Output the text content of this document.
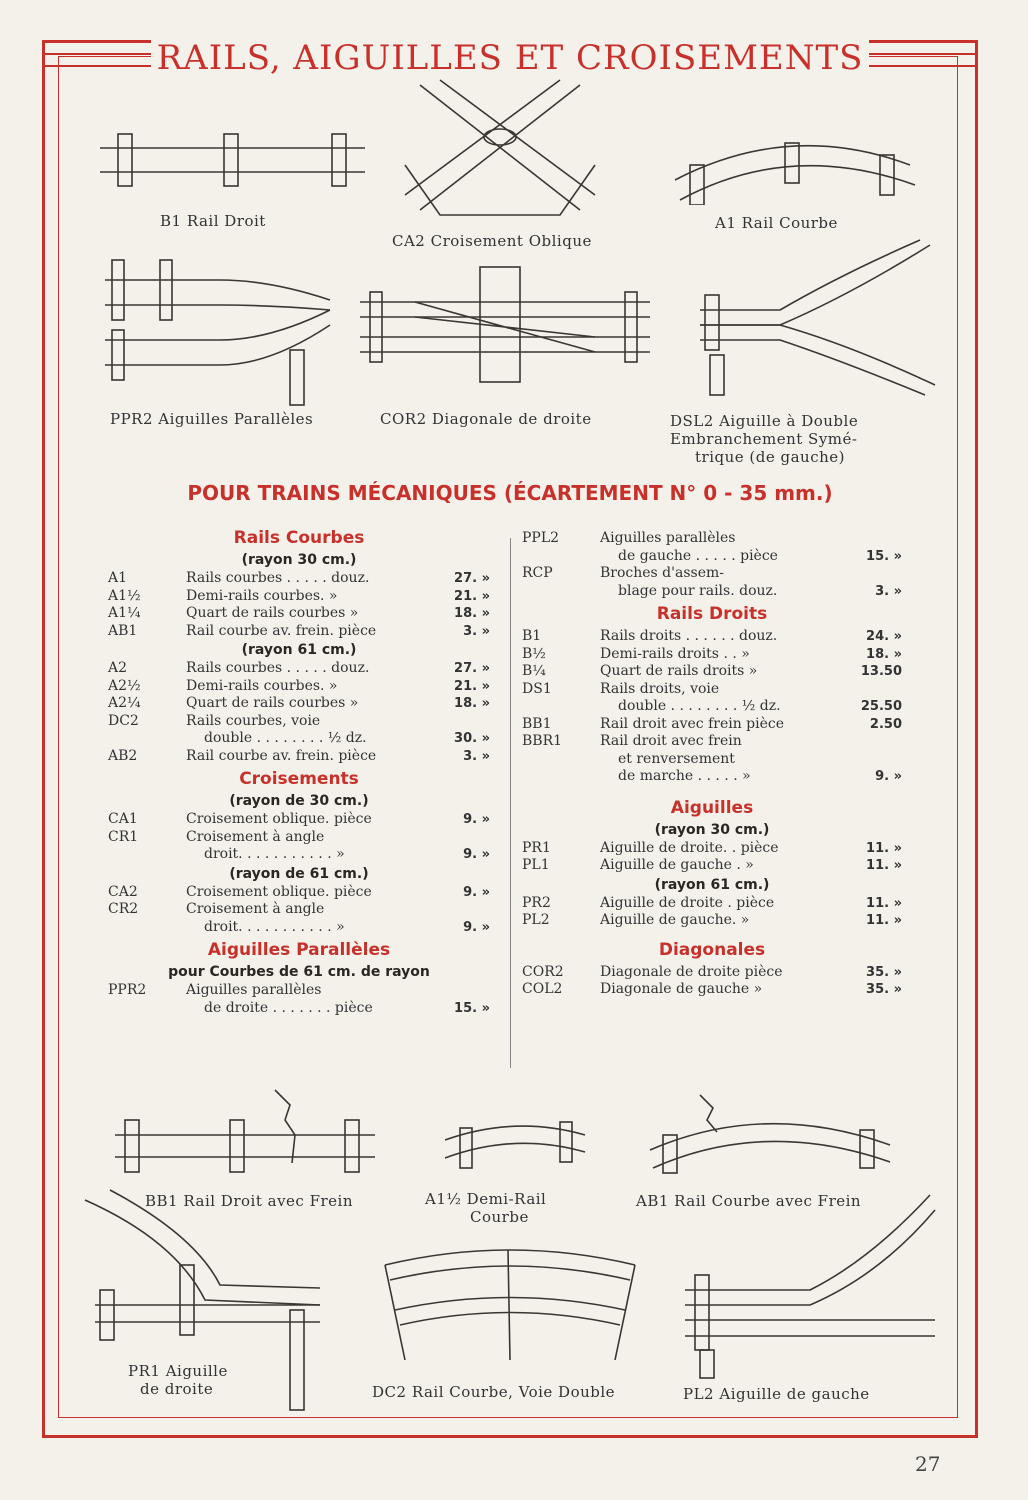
RAILS, AIGUILLES ET CROISEMENTS
B1 Rail Droit
CA2 Croisement Oblique
A1 Rail Courbe
PPR2 Aiguilles Parallèles	COR2 Diagonale de droite	DSL2 Aiguille à Double
Embranchement Symé-
trique (de gauche)
POUR TRAINS MÉCANIQUES (ÉCARTEMENT N° 0 - 35 mm.)
Rails Courbes
(rayon 30 cm.)
A1	Rails courbes . . . . . douz.	27. »
A1½	Demi-rails courbes. »	21. »
A1¼	Quart de rails courbes »	18. »
AB1	Rail courbe av. frein. pièce	3. »
(rayon 61 cm.)
A2	Rails courbes . . . . . douz.	27. »
A2½	Demi-rails courbes. »	21. »
A2¼	Quart de rails courbes »	18. »
DC2	Rails courbes, voie
double . . . . . . . . ½ dz.	30. »
AB2	Rail courbe av. frein. pièce	3. »
Croisements
(rayon de 30 cm.)
CA1	Croisement oblique. pièce	9. »
CR1	Croisement à angle
droit. . . . . . . . . . . »	9. »
(rayon de 61 cm.)
CA2	Croisement oblique. pièce	9. »
CR2	Croisement à angle
droit. . . . . . . . . . . »	9. »
Aiguilles Parallèles
pour Courbes de 61 cm. de rayon
PPR2	Aiguilles parallèles
de droite . . . . . . . pièce	15. »
PPL2	Aiguilles parallèles
de gauche . . . . . pièce	15. »
RCP	Broches d'assem-
blage pour rails. douz.	3. »
Rails Droits
B1	Rails droits . . . . . . douz.	24. »
B½	Demi-rails droits . . »	18. »
B¼	Quart de rails droits »	13.50
DS1	Rails droits, voie
double . . . . . . . . ½ dz.	25.50
BB1	Rail droit avec frein pièce	2.50
BBR1	Rail droit avec frein
et renversement
de marche . . . . . »	9. »
Aiguilles
(rayon 30 cm.)
PR1	Aiguille de droite. . pièce	11. »
PL1	Aiguille de gauche . »	11. »
(rayon 61 cm.)
PR2	Aiguille de droite . pièce	11. »
PL2	Aiguille de gauche. »	11. »
Diagonales
COR2	Diagonale de droite pièce	35. »
COL2	Diagonale de gauche »	35. »
BB1 Rail Droit avec Frein	A1½ Demi-Rail
Courbe
AB1 Rail Courbe avec Frein
PR1 Aiguille
de droite	DC2 Rail Courbe, Voie Double	PL2 Aiguille de gauche
27
